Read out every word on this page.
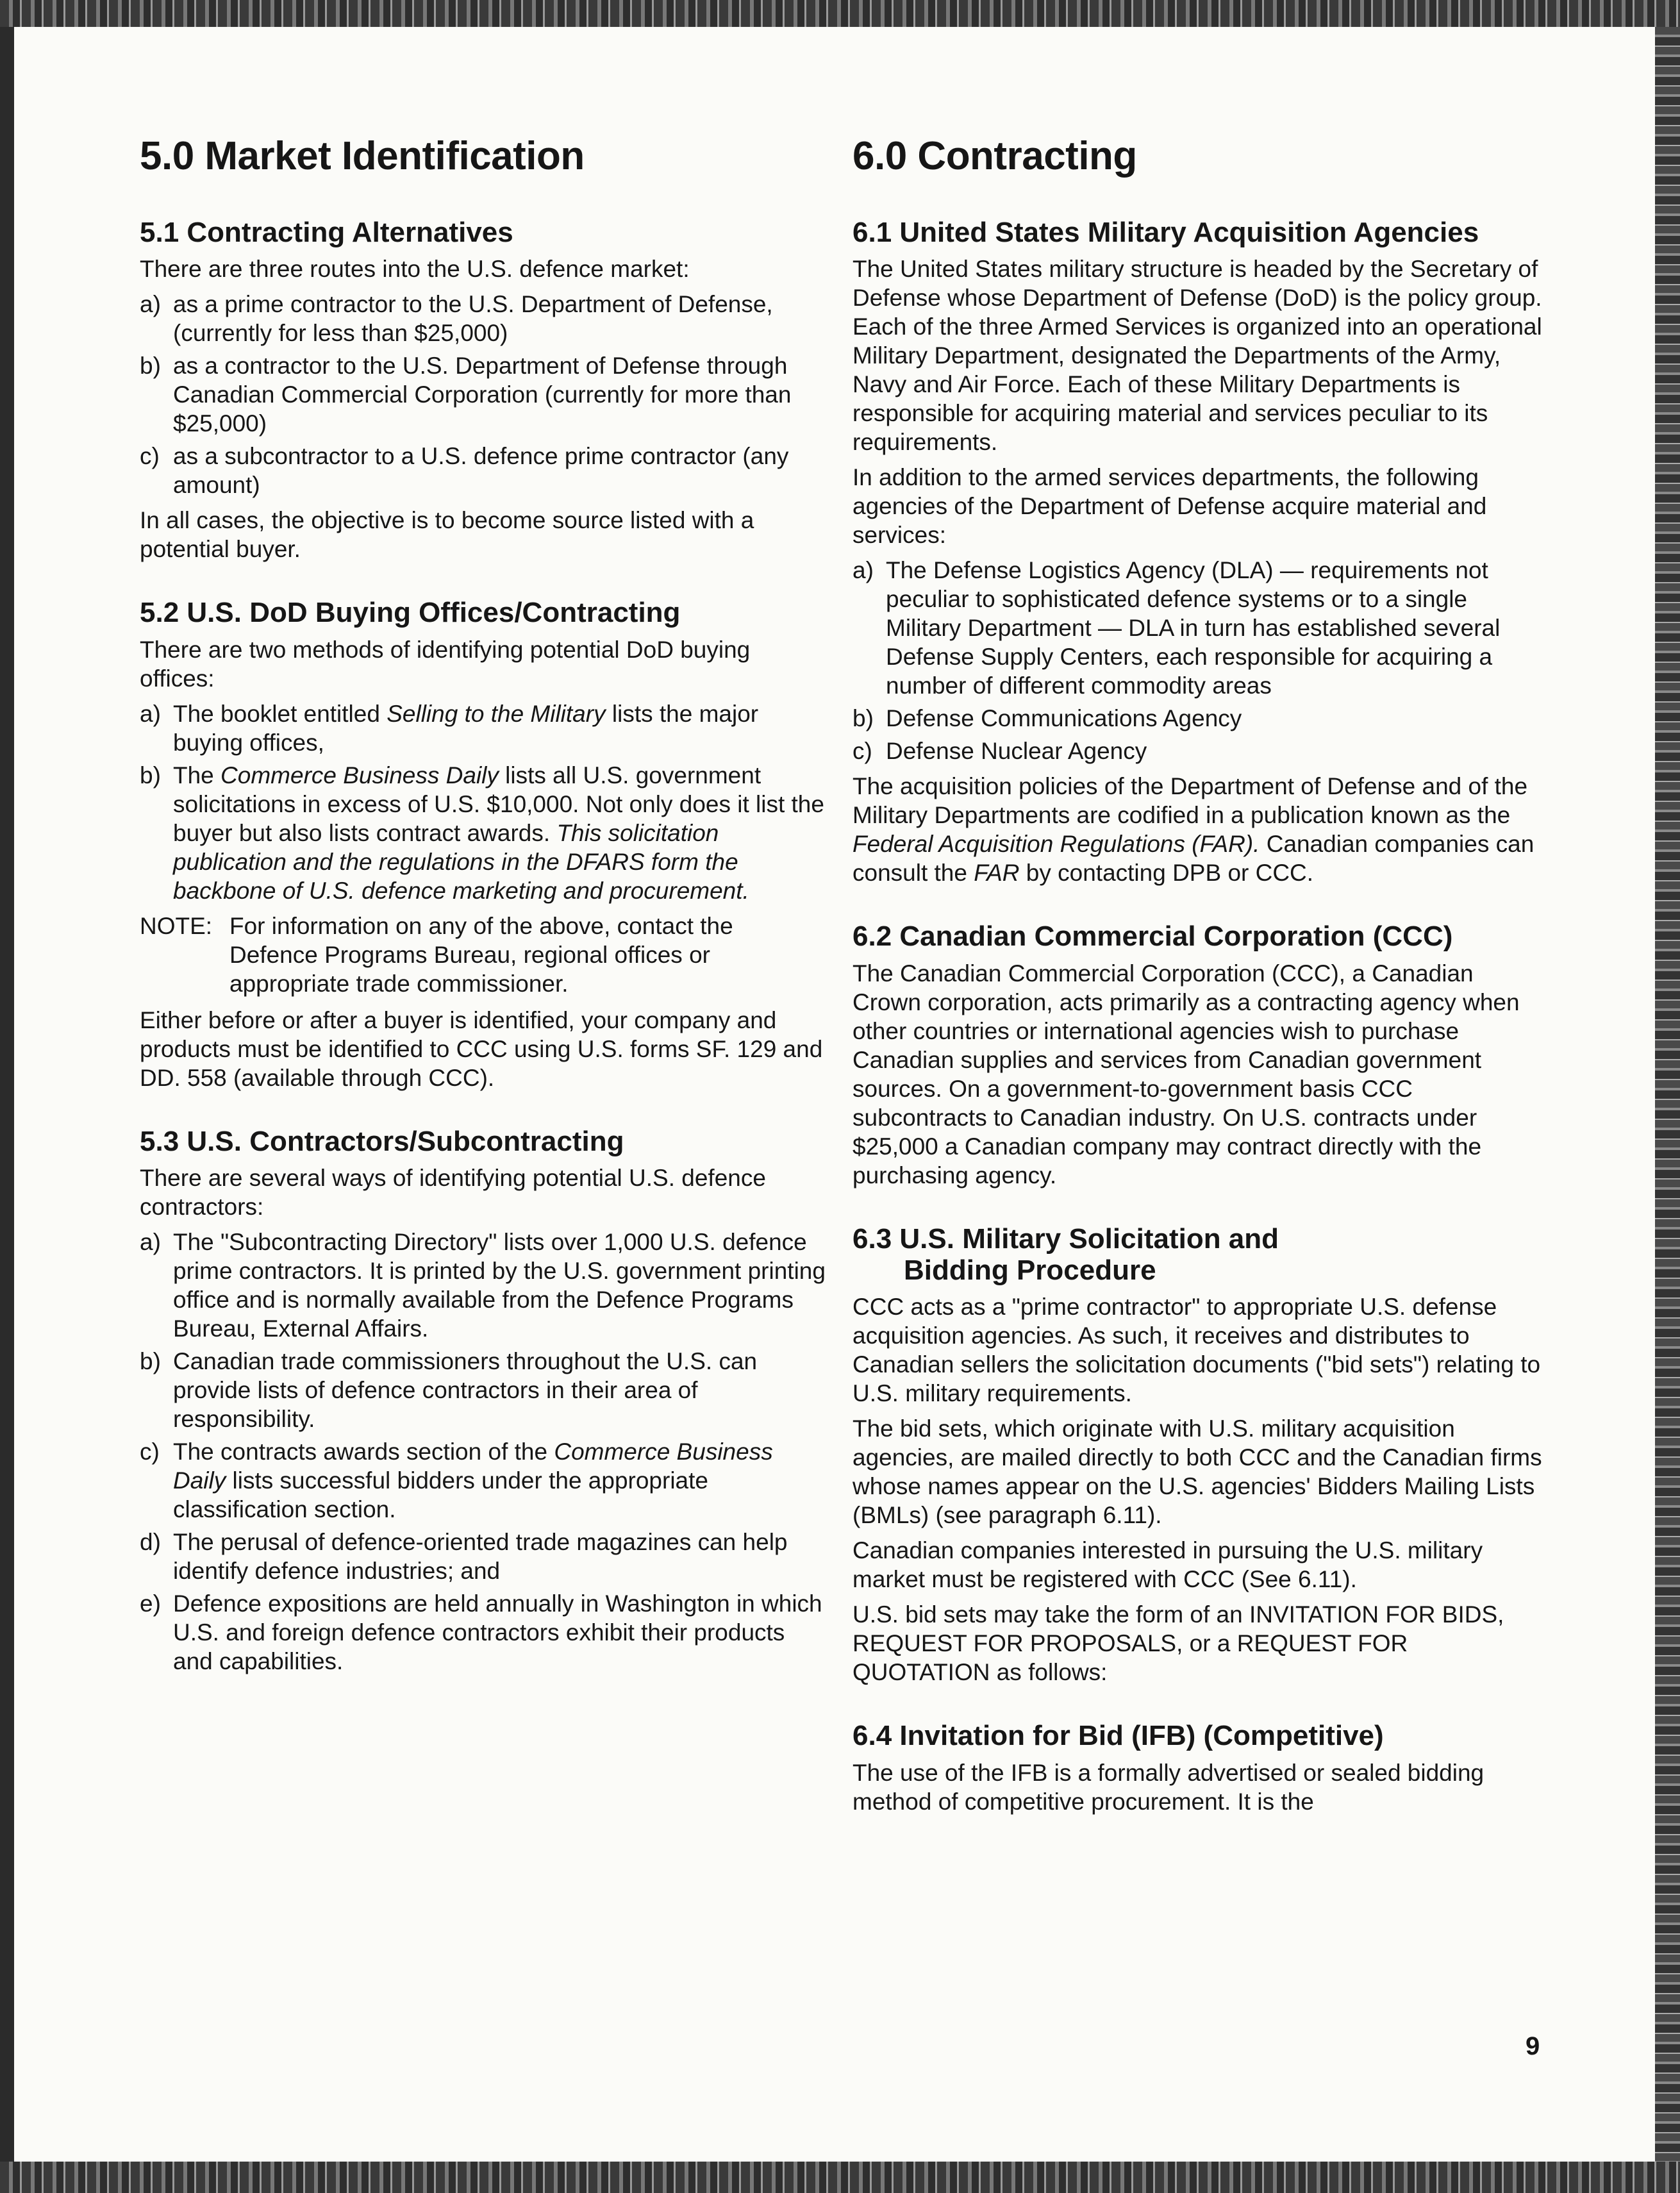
5.0 Market Identification
5.1 Contracting Alternatives

There are three routes into the U.S. defence market:

a) as a prime contractor to the U.S. Department of Defense, (currently for less than $25,000)
b) as a contractor to the U.S. Department of Defense through Canadian Commercial Corporation (currently for more than $25,000)
c) as a subcontractor to a U.S. defence prime contractor (any amount)

In all cases, the objective is to become source listed with a potential buyer.

5.2 U.S. DoD Buying Offices/Contracting

There are two methods of identifying potential DoD buying offices:

a) The booklet entitled Selling to the Military lists the major buying offices,
b) The Commerce Business Daily lists all U.S. government solicitations in excess of U.S. $10,000. Not only does it list the buyer but also lists contract awards. This solicitation publication and the regulations in the DFARS form the backbone of U.S. defence marketing and procurement.
NOTE: For information on any of the above, contact the Defence Programs Bureau, regional offices or appropriate trade commissioner.

Either before or after a buyer is identified, your company and products must be identified to CCC using U.S. forms SF. 129 and DD. 558 (available through CCC).

5.3 U.S. Contractors/Subcontracting

There are several ways of identifying potential U.S. defence contractors:

a) The "Subcontracting Directory" lists over 1,000 U.S. defence prime contractors. It is printed by the U.S. government printing office and is normally available from the Defence Programs Bureau, External Affairs.
b) Canadian trade commissioners throughout the U.S. can provide lists of defence contractors in their area of responsibility.
c) The contracts awards section of the Commerce Business Daily lists successful bidders under the appropriate classification section.
d) The perusal of defence-oriented trade magazines can help identify defence industries; and
e) Defence expositions are held annually in Washington in which U.S. and foreign defence contractors exhibit their products and capabilities.
6.0 Contracting
6.1 United States Military Acquisition Agencies

The United States military structure is headed by the Secretary of Defense whose Department of Defense (DoD) is the policy group. Each of the three Armed Services is organized into an operational Military Department, designated the Departments of the Army, Navy and Air Force. Each of these Military Departments is responsible for acquiring material and services peculiar to its requirements.

In addition to the armed services departments, the following agencies of the Department of Defense acquire material and services:

a) The Defense Logistics Agency (DLA) — requirements not peculiar to sophisticated defence systems or to a single Military Department — DLA in turn has established several Defense Supply Centers, each responsible for acquiring a number of different commodity areas
b) Defense Communications Agency
c) Defense Nuclear Agency

The acquisition policies of the Department of Defense and of the Military Departments are codified in a publication known as the Federal Acquisition Regulations (FAR). Canadian companies can consult the FAR by contacting DPB or CCC.

6.2 Canadian Commercial Corporation (CCC)

The Canadian Commercial Corporation (CCC), a Canadian Crown corporation, acts primarily as a contracting agency when other countries or international agencies wish to purchase Canadian supplies and services from Canadian government sources. On a government-to-government basis CCC subcontracts to Canadian industry. On U.S. contracts under $25,000 a Canadian company may contract directly with the purchasing agency.

6.3 U.S. Military Solicitation and
Bidding Procedure

CCC acts as a "prime contractor" to appropriate U.S. defense acquisition agencies. As such, it receives and distributes to Canadian sellers the solicitation documents ("bid sets") relating to U.S. military requirements.

The bid sets, which originate with U.S. military acquisition agencies, are mailed directly to both CCC and the Canadian firms whose names appear on the U.S. agencies' Bidders Mailing Lists (BMLs) (see paragraph 6.11).

Canadian companies interested in pursuing the U.S. military market must be registered with CCC (See 6.11).

U.S. bid sets may take the form of an INVITATION FOR BIDS, REQUEST FOR PROPOSALS, or a REQUEST FOR QUOTATION as follows:

6.4 Invitation for Bid (IFB) (Competitive)

The use of the IFB is a formally advertised or sealed bidding method of competitive procurement. It is the

9
